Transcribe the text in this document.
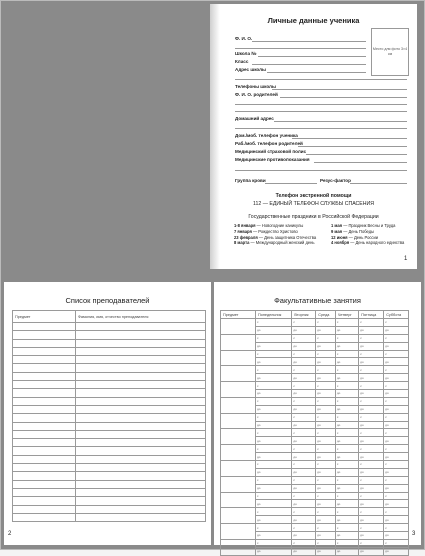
Личные данные ученика
Место для фото 3×4 см
Ф. И. О.
Школа №
Класс
Адрес школы
Телефоны школы
Ф. И. О. родителей
Домашний адрес
Дом./моб. телефон ученика
Раб./моб. телефон родителей
Медицинский страховой полис
Медицинские противопоказания
Группа крови	Резус-фактор
Телефон экстренной помощи
112 — ЕДИНЫЙ ТЕЛЕФОН СЛУЖБЫ СПАСЕНИЯ
Государственные праздники в Российской Федерации
1-8 января — Новогодние каникулы
7 января — Рождество Христово
23 февраля — День защитника Отечества
8 марта — Международный женский день
1 мая — Праздник Весны и Труда
9 мая — День Победы
12 июня — День России
4 ноября — День народного единства
1
Список преподавателей
Предмет	Фамилия, имя, отчество преподавателя

2
Факультативные занятия
Предмет	Понедельник	Вторник	Среда	Четверг	Пятница	Суббота
	с	с	с	с	с	с
	до	до	до	до	до	до
	с	с	с	с	с	с
	до	до	до	до	до	до
	с	с	с	с	с	с
	до	до	до	до	до	до
	с	с	с	с	с	с
	до	до	до	до	до	до
	с	с	с	с	с	с
	до	до	до	до	до	до
	с	с	с	с	с	с
	до	до	до	до	до	до
	с	с	с	с	с	с
	до	до	до	до	до	до
	с	с	с	с	с	с
	до	до	до	до	до	до
	с	с	с	с	с	с
	до	до	до	до	до	до
	с	с	с	с	с	с
	до	до	до	до	до	до
	с	с	с	с	с	с
	до	до	до	до	до	до
	с	с	с	с	с	с
	до	до	до	до	до	до
	с	с	с	с	с	с
	до	до	до	до	до	до
	с	с	с	с	с	с
	до	до	до	до	до	до
	с	с	с	с	с	с
	до	до	до	до	до	до
3
